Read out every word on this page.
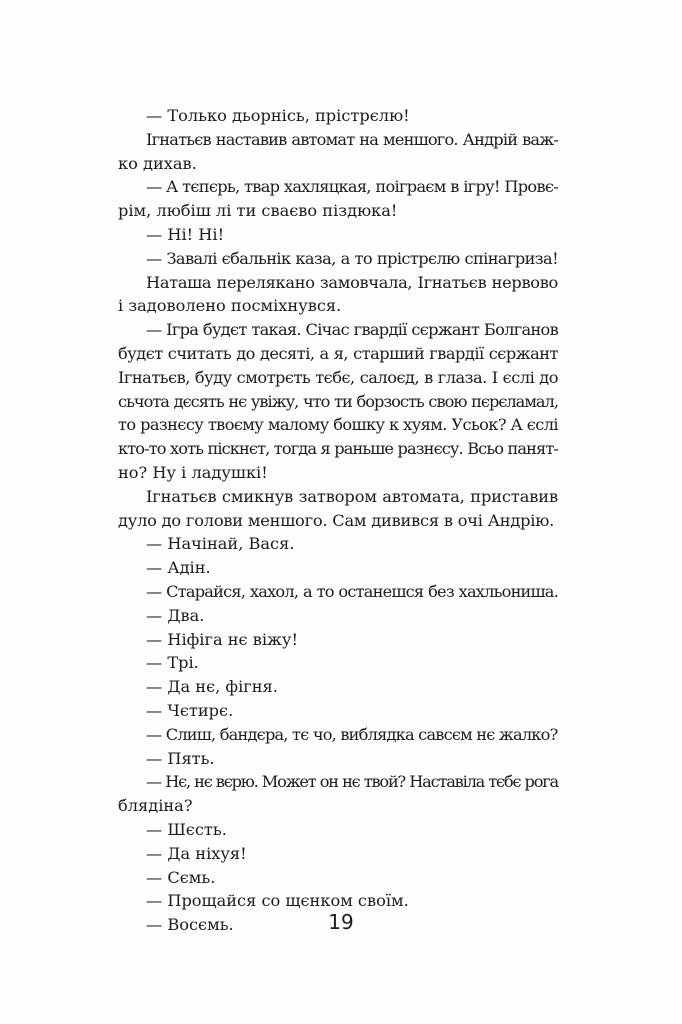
— Только дьорніcь, прістрєлю!
Ігнатьєв наставив автомат на меншого. Андрій важ-
ко дихав.
— А тєпєрь, твар хахляцкая, поіграєм в ігру! Провє-
рім, любіш лі ти сваєво піздюка!
— Ні! Ні!
— Завалі єбальнік каза, а то прістрєлю спінагриза!
Наташа перелякано замовчала, Ігнатьєв нервово
і задоволено посміхнувся.
— Ігра будєт такая. Січас гвардії сєржант Болганов
будєт считать до десяті, а я, старший гвардії сєржант
Ігнатьєв, буду смотрєть тєбє, салоєд, в глаза. І єслі до
сьчота дєсять нє увіжу, что ти борзость свою пєрєламал,
то разнєсу твоєму малому бошку к хуям. Усьок? А єслі
кто-то хоть піскнєт, тогда я раньше разнєсу. Всьо панят-
но? Ну і ладушкі!
Ігнатьєв смикнув затвором автомата, приставив
дуло до голови меншого. Сам дивився в очі Андрію.
— Начінай, Вася.
— Адін.
— Старайся, хахол, а то останешся без хахльониша.
— Два.
— Ніфіга нє віжу!
— Трі.
— Да нє, фігня.
— Чєтирє.
— Слиш, бандєра, тє чо, виблядка савсєм нє жалко?
— Пять.
— Нє, нє вєрю. Может он нє твой? Наставіла тєбє рога
блядіна?
— Шєсть.
— Да ніхуя!
— Сємь.
— Прощайся со щєнком своїм.
— Восємь.	19
